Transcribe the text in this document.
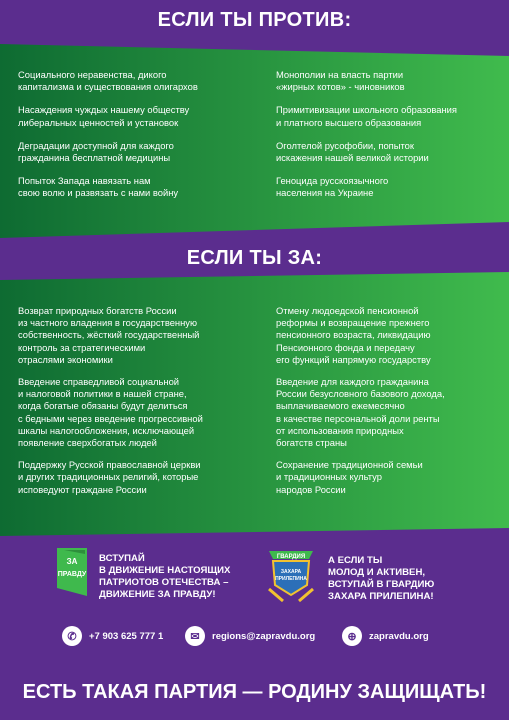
ЕСЛИ ТЫ ПРОТИВ:
Социального неравенства, дикого
капитализма и существования олигархов
Насаждения чуждых нашему обществу
либеральных ценностей и установок
Деградации доступной для каждого
гражданина бесплатной медицины
Попыток Запада навязать нам
свою волю и развязать с нами войну
Монополии на власть партии
«жирных котов» - чиновников
Примитивизации школьного образования
и платного высшего образования
Оголтелой русофобии, попыток
искажения нашей великой истории
Геноцида русскоязычного
населения на Украине
ЕСЛИ ТЫ ЗА:
Возврат природных богатств России
из частного владения в государственную
собственность, жёсткий государственный
контроль за стратегическими
отраслями экономики
Введение справедливой социальной
и налоговой политики в нашей стране,
когда богатые обязаны будут делиться
с бедными через введение прогрессивной
шкалы налогообложения, исключающей
появление сверхбогатых людей
Поддержку Русской православной церкви
и других традиционных религий, которые
исповедуют граждане России
Отмену людоедской пенсионной
реформы и возвращение прежнего
пенсионного возраста, ликвидацию
Пенсионного фонда и передачу
его функций напрямую государству
Введение для каждого гражданина
России безусловного базового дохода,
выплачиваемого ежемесячно
в качестве персональной доли ренты
от использования природных
богатств страны
Сохранение традиционной семьи
и традиционных культур
народов России
ЗА
ПРАВДУ
ВСТУПАЙ
В ДВИЖЕНИЕ НАСТОЯЩИХ
ПАТРИОТОВ ОТЕЧЕСТВА –
ДВИЖЕНИЕ ЗА ПРАВДУ!
ГВАРДИЯ
ЗАХАРА
ПРИЛЕПИНА
А ЕСЛИ ТЫ
МОЛОД И АКТИВЕН,
ВСТУПАЙ В ГВАРДИЮ
ЗАХАРА ПРИЛЕПИНА!
✆	+7 903 625 777 1	✉	regions@zapravdu.org	⊕	zapravdu.org
ЕСТЬ ТАКАЯ ПАРТИЯ — РОДИНУ ЗАЩИЩАТЬ!
